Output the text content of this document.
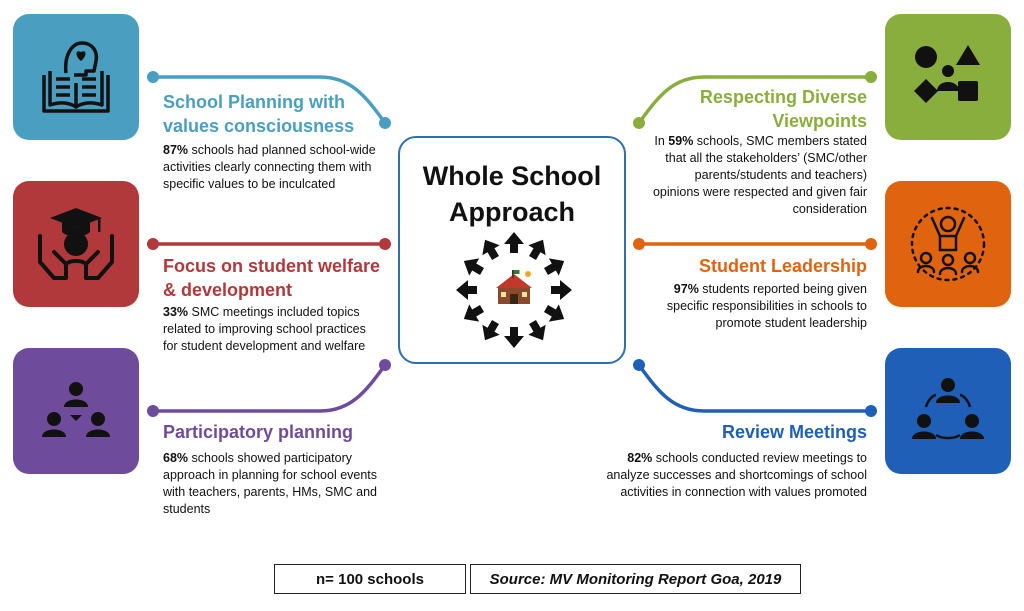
School Planning with values consciousness
87% schools had planned school-wide activities clearly connecting them with specific values to be inculcated
Focus on student welfare & development
33% SMC meetings included topics related to improving school practices for student development and welfare
Participatory planning
68% schools showed participatory approach in planning for school events with teachers, parents, HMs, SMC and students
Respecting Diverse Viewpoints
In 59% schools, SMC members stated that all the stakeholders’ (SMC/other parents/students and teachers) opinions were respected and given fair consideration
Student Leadership
97% students reported being given specific responsibilities in schools to promote student leadership
Review Meetings
82% schools conducted review meetings to analyze successes and shortcomings of school activities in connection with values promoted
Whole School Approach
n= 100 schools	Source: MV Monitoring Report Goa, 2019
